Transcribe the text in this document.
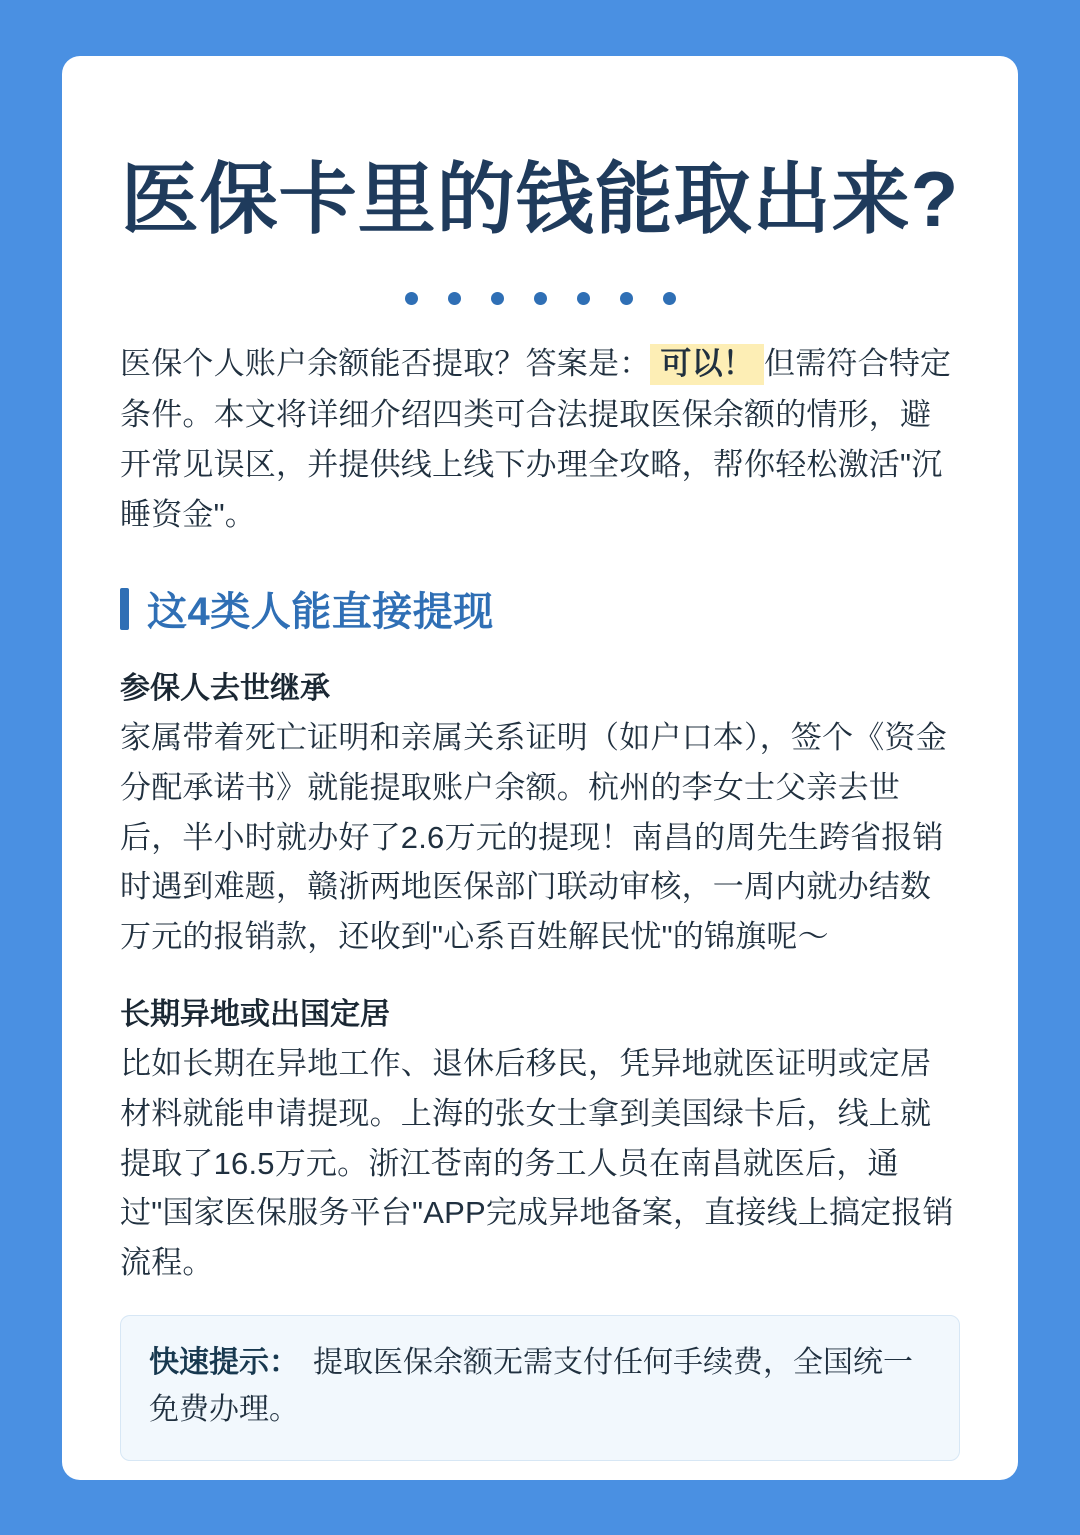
医保卡里的钱能取出来?

医保个人账户余额能否提取？答案是： 可以！ 但需符合特定条件。本文将详细介绍四类可合法提取医保余额的情形，避开常见误区，并提供线上线下办理全攻略，帮你轻松激活"沉睡资金"。

这4类人能直接提现
参保人去世继承

家属带着死亡证明和亲属关系证明（如户口本），签个《资金分配承诺书》就能提取账户余额。杭州的李女士父亲去世后，半小时就办好了2.6万元的提现！南昌的周先生跨省报销时遇到难题，赣浙两地医保部门联动审核，一周内就办结数万元的报销款，还收到"心系百姓解民忧"的锦旗呢～

长期异地或出国定居

比如长期在异地工作、退休后移民，凭异地就医证明或定居材料就能申请提现。上海的张女士拿到美国绿卡后，线上就提取了16.5万元。浙江苍南的务工人员在南昌就医后，通过"国家医保服务平台"APP完成异地备案，直接线上搞定报销流程。

快速提示： 提取医保余额无需支付任何手续费，全国统一免费办理。
